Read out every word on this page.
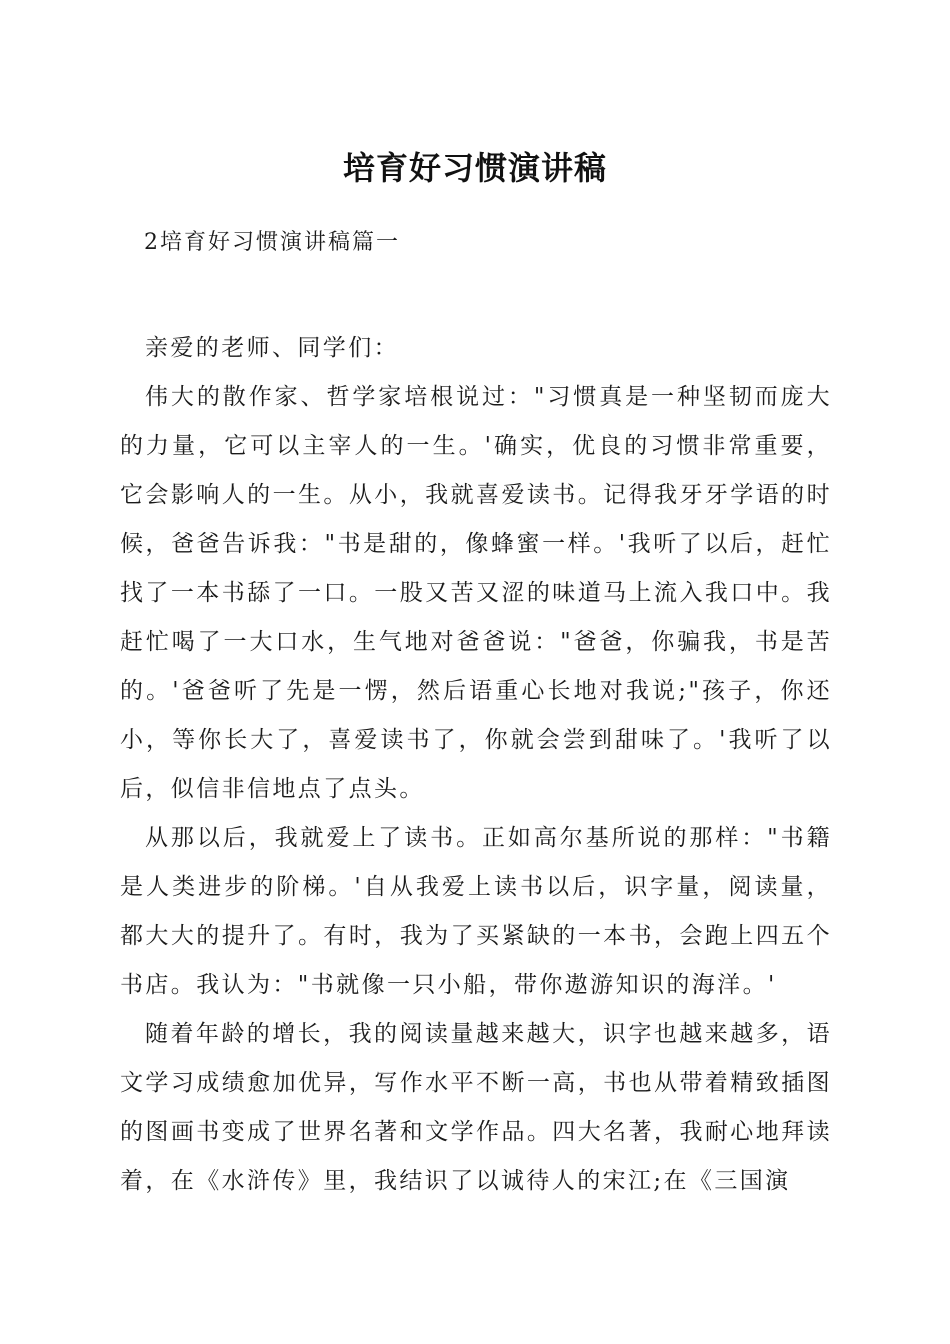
培育好习惯演讲稿
2培育好习惯演讲稿篇一

亲爱的老师、同学们：

伟大的散作家、哲学家培根说过："习惯真是一种坚韧而庞大的力量，它可以主宰人的一生。'确实，优良的习惯非常重要，它会影响人的一生。从小，我就喜爱读书。记得我牙牙学语的时候，爸爸告诉我："书是甜的，像蜂蜜一样。'我听了以后，赶忙找了一本书舔了一口。一股又苦又涩的味道马上流入我口中。我赶忙喝了一大口水，生气地对爸爸说："爸爸，你骗我，书是苦的。'爸爸听了先是一愣，然后语重心长地对我说;"孩子，你还小，等你长大了，喜爱读书了，你就会尝到甜味了。'我听了以后，似信非信地点了点头。

从那以后，我就爱上了读书。正如高尔基所说的那样："书籍是人类进步的阶梯。'自从我爱上读书以后，识字量，阅读量，都大大的提升了。有时，我为了买紧缺的一本书，会跑上四五个书店。我认为："书就像一只小船，带你遨游知识的海洋。'

随着年龄的增长，我的阅读量越来越大，识字也越来越多，语文学习成绩愈加优异，写作水平不断一高，书也从带着精致插图的图画书变成了世界名著和文学作品。四大名著，我耐心地拜读着，在《水浒传》里，我结识了以诚待人的宋江;在《三国演
